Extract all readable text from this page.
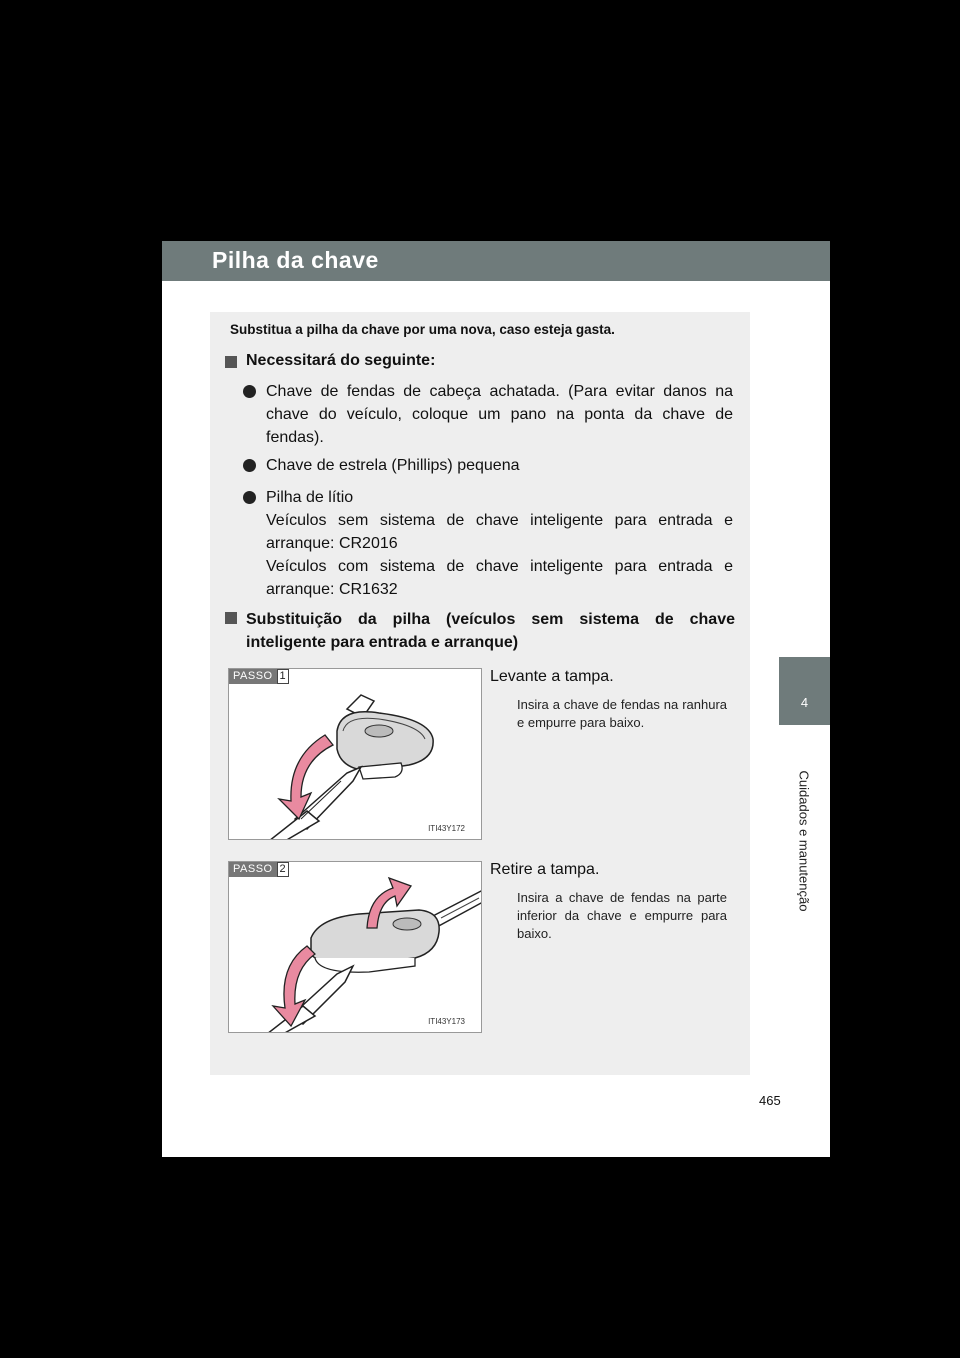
Pilha da chave
4
Cuidados e manutenção

Substitua a pilha da chave por uma nova, caso esteja gasta.

Necessitará do seguinte:
Chave de fendas de cabeça achatada. (Para evitar danos na chave do veículo, coloque um pano na ponta da chave de fendas).
Chave de estrela (Phillips) pequena

Pilha de lítio

Veículos sem sistema de chave inteligente para entrada e arranque: CR2016

Veículos com sistema de chave inteligente para entrada e arranque: CR1632

Substituição da pilha (veículos sem sistema de chave inteligente para entrada e arranque)
PASSO 1
ITI43Y172

Levante a tampa.

Insira a chave de fendas na ranhura e empurre para baixo.

PASSO 2
ITI43Y173

Retire a tampa.

Insira a chave de fendas na parte inferior da chave e empurre para baixo.

465
